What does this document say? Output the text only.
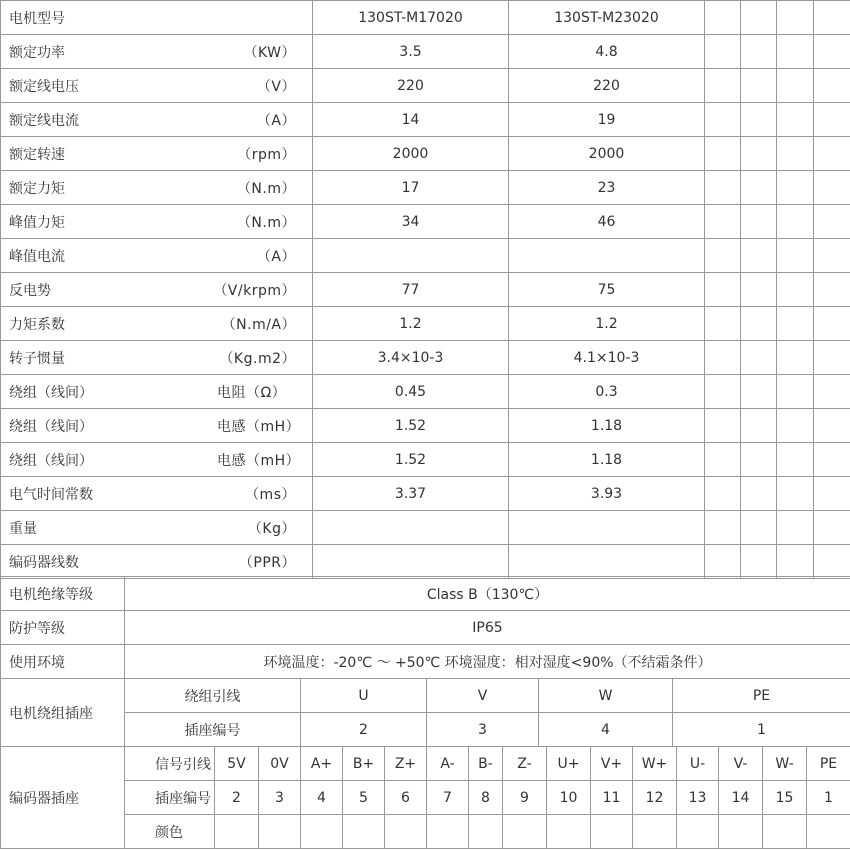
电机型号	130ST-M17020	130ST-M23020				

额定功率 （KW）	3.5	4.8				

额定线电压 （V）	220	220				

额定线电流 （A）	14	19				

额定转速 （rpm）	2000	2000				

额定力矩 （N.m）	17	23				

峰值力矩 （N.m）	34	46				

峰值电流 （A）						

反电势 （V/krpm）	77	75				

力矩系数 （N.m/A）	1.2	1.2				

转子惯量 （Kg.m2）	3.4×10-3	4.1×10-3				

绕组（线间） 电阻（Ω）	0.45	0.3				

绕组（线间） 电感（mH）	1.52	1.18				

绕组（线间） 电感（mH）	1.52	1.18				

电气时间常数 （ms）	3.37	3.93				

重量 （Kg）						

编码器线数 （PPR）						

电机绝缘等级	Class B（130℃）
防护等级	IP65
使用环境	环境温度：-20℃ ～ +50℃ 环境湿度：相对湿度<90%（不结霜条件）
电机绕组插座	绕组引线	U	V	W	PE
	插座编号	2	3	4	1
编码器插座	信号引线	5V	0V	A+	B+	Z+	A-	B-	Z-	U+	V+	W+	U-	V-	W-	PE
	插座编号	2	3	4	5	6	7	8	9	10	11	12	13	14	15	1
	颜色															
